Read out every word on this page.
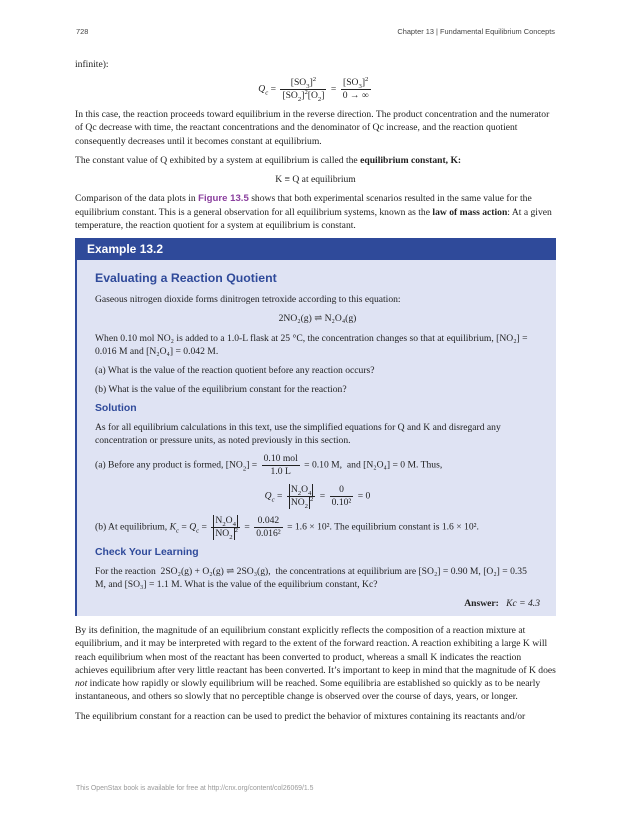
728	Chapter 13 | Fundamental Equilibrium Concepts

infinite):

$Q_c = \frac{[SO_3]^2}{[SO_2]^2[O_2]} = \frac{[SO_3]^2}{0 \to \infty}$

In this case, the reaction proceeds toward equilibrium in the reverse direction. The product concentration and the numerator of Qc decrease with time, the reactant concentrations and the denominator of Qc increase, and the reaction quotient consequently decreases until it becomes constant at equilibrium.

The constant value of Q exhibited by a system at equilibrium is called the equilibrium constant, K:

K ≡ Q at equilibrium

Comparison of the data plots in Figure 13.5 shows that both experimental scenarios resulted in the same value for the equilibrium constant. This is a general observation for all equilibrium systems, known as the law of mass action: At a given temperature, the reaction quotient for a system at equilibrium is constant.

Example 13.2
Evaluating a Reaction Quotient

Gaseous nitrogen dioxide forms dinitrogen tetroxide according to this equation:

2NO₂(g) ⇌ N₂O₄(g)

When 0.10 mol NO₂ is added to a 1.0-L flask at 25 °C, the concentration changes so that at equilibrium, [NO₂] = 0.016 M and [N₂O₄] = 0.042 M.

(a) What is the value of the reaction quotient before any reaction occurs?

(b) What is the value of the equilibrium constant for the reaction?

Solution

As for all equilibrium calculations in this text, use the simplified equations for Q and K and disregard any concentration or pressure units, as noted previously in this section.

(a) Before any product is formed, $[NO_2] = \frac{\text{0.10 mol}}{1.0 L} = 0.10$ M, and [N₂O₄] = 0 M. Thus,

$Q_c = \frac{N_2O_4}{NO_2^2} = \frac{0}{\text{0.10²}} = 0$

(b) At equilibrium, $K_c = Q_c = \frac{N_2O_4}{NO_2^2} = \frac{0.042}{\text{0.016²}} = 1.6 \times 10^2$. The equilibrium constant is 1.6 × 10².

Check Your Learning

For the reaction 2SO₂(g) + O₂(g) ⇌ 2SO₃(g), the concentrations at equilibrium are [SO₂] = 0.90 M, [O₂] = 0.35 M, and [SO₃] = 1.1 M. What is the value of the equilibrium constant, Kc?

Answer: Kc = 4.3

By its definition, the magnitude of an equilibrium constant explicitly reflects the composition of a reaction mixture at equilibrium, and it may be interpreted with regard to the extent of the forward reaction. A reaction exhibiting a large K will reach equilibrium when most of the reactant has been converted to product, whereas a small K indicates the reaction achieves equilibrium after very little reactant has been converted. It’s important to keep in mind that the magnitude of K does not indicate how rapidly or slowly equilibrium will be reached. Some equilibria are established so quickly as to be nearly instantaneous, and others so slowly that no perceptible change is observed over the course of days, years, or longer.

The equilibrium constant for a reaction can be used to predict the behavior of mixtures containing its reactants and/or

This OpenStax book is available for free at http://cnx.org/content/col26069/1.5
